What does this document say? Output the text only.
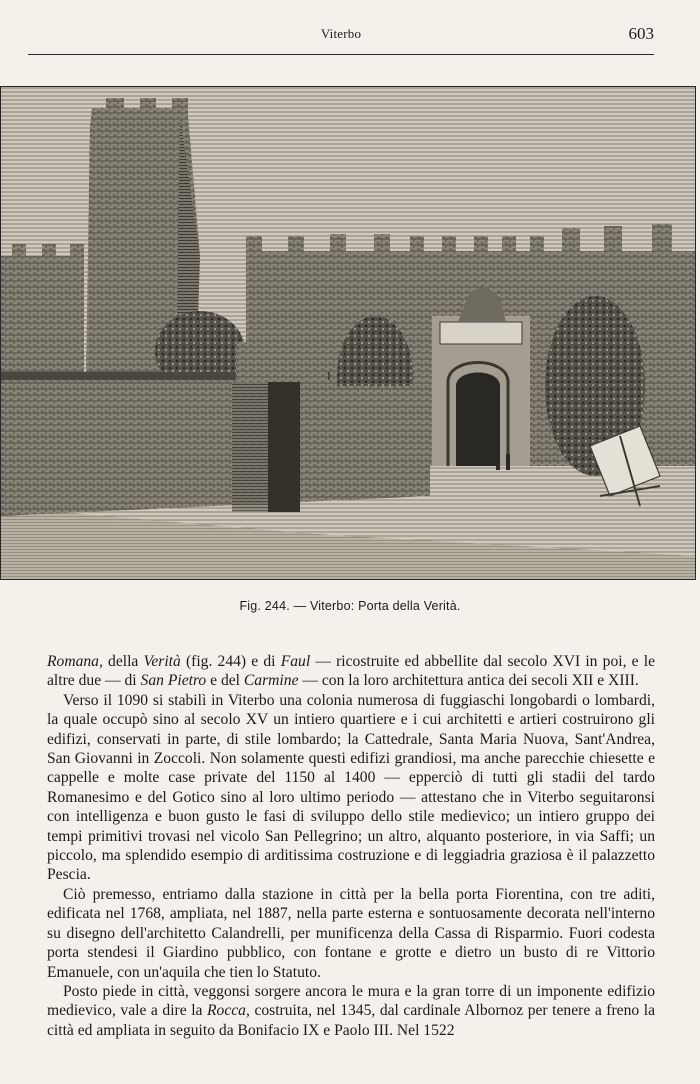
Viterbo	603
Fig. 244. — Viterbo: Porta della Verità.

Romana, della Verità (fig. 244) e di Faul — ricostruite ed abbellite dal secolo XVI in poi, e le altre due — di San Pietro e del Carmine — con la loro architettura antica dei secoli XII e XIII.

Verso il 1090 si stabilì in Viterbo una colonia numerosa di fuggiaschi longobardi o lombardi, la quale occupò sino al secolo XV un intiero quartiere e i cui architetti e artieri costruirono gli edifizi, conservati in parte, di stile lombardo; la Cattedrale, Santa Maria Nuova, Sant'Andrea, San Giovanni in Zoccoli. Non solamente questi edifizi grandiosi, ma anche parecchie chiesette e cappelle e molte case private del 1150 al 1400 — epperciò di tutti gli stadii del tardo Romanesimo e del Gotico sino al loro ultimo periodo — attestano che in Viterbo seguitaronsi con intelligenza e buon gusto le fasi di sviluppo dello stile medievico; un intiero gruppo dei tempi primitivi trovasi nel vicolo San Pellegrino; un altro, alquanto posteriore, in via Saffi; un piccolo, ma splendido esempio di arditissima costruzione e di leggiadria graziosa è il palazzetto Pescia.

Ciò premesso, entriamo dalla stazione in città per la bella porta Fiorentina, con tre aditi, edificata nel 1768, ampliata, nel 1887, nella parte esterna e sontuosamente decorata nell'interno su disegno dell'architetto Calandrelli, per munificenza della Cassa di Risparmio. Fuori codesta porta stendesi il Giardino pubblico, con fontane e grotte e dietro un busto di re Vittorio Emanuele, con un'aquila che tien lo Statuto.

Posto piede in città, veggonsi sorgere ancora le mura e la gran torre di un imponente edifizio medievico, vale a dire la Rocca, costruita, nel 1345, dal cardinale Albornoz per tenere a freno la città ed ampliata in seguito da Bonifacio IX e Paolo III. Nel 1522
